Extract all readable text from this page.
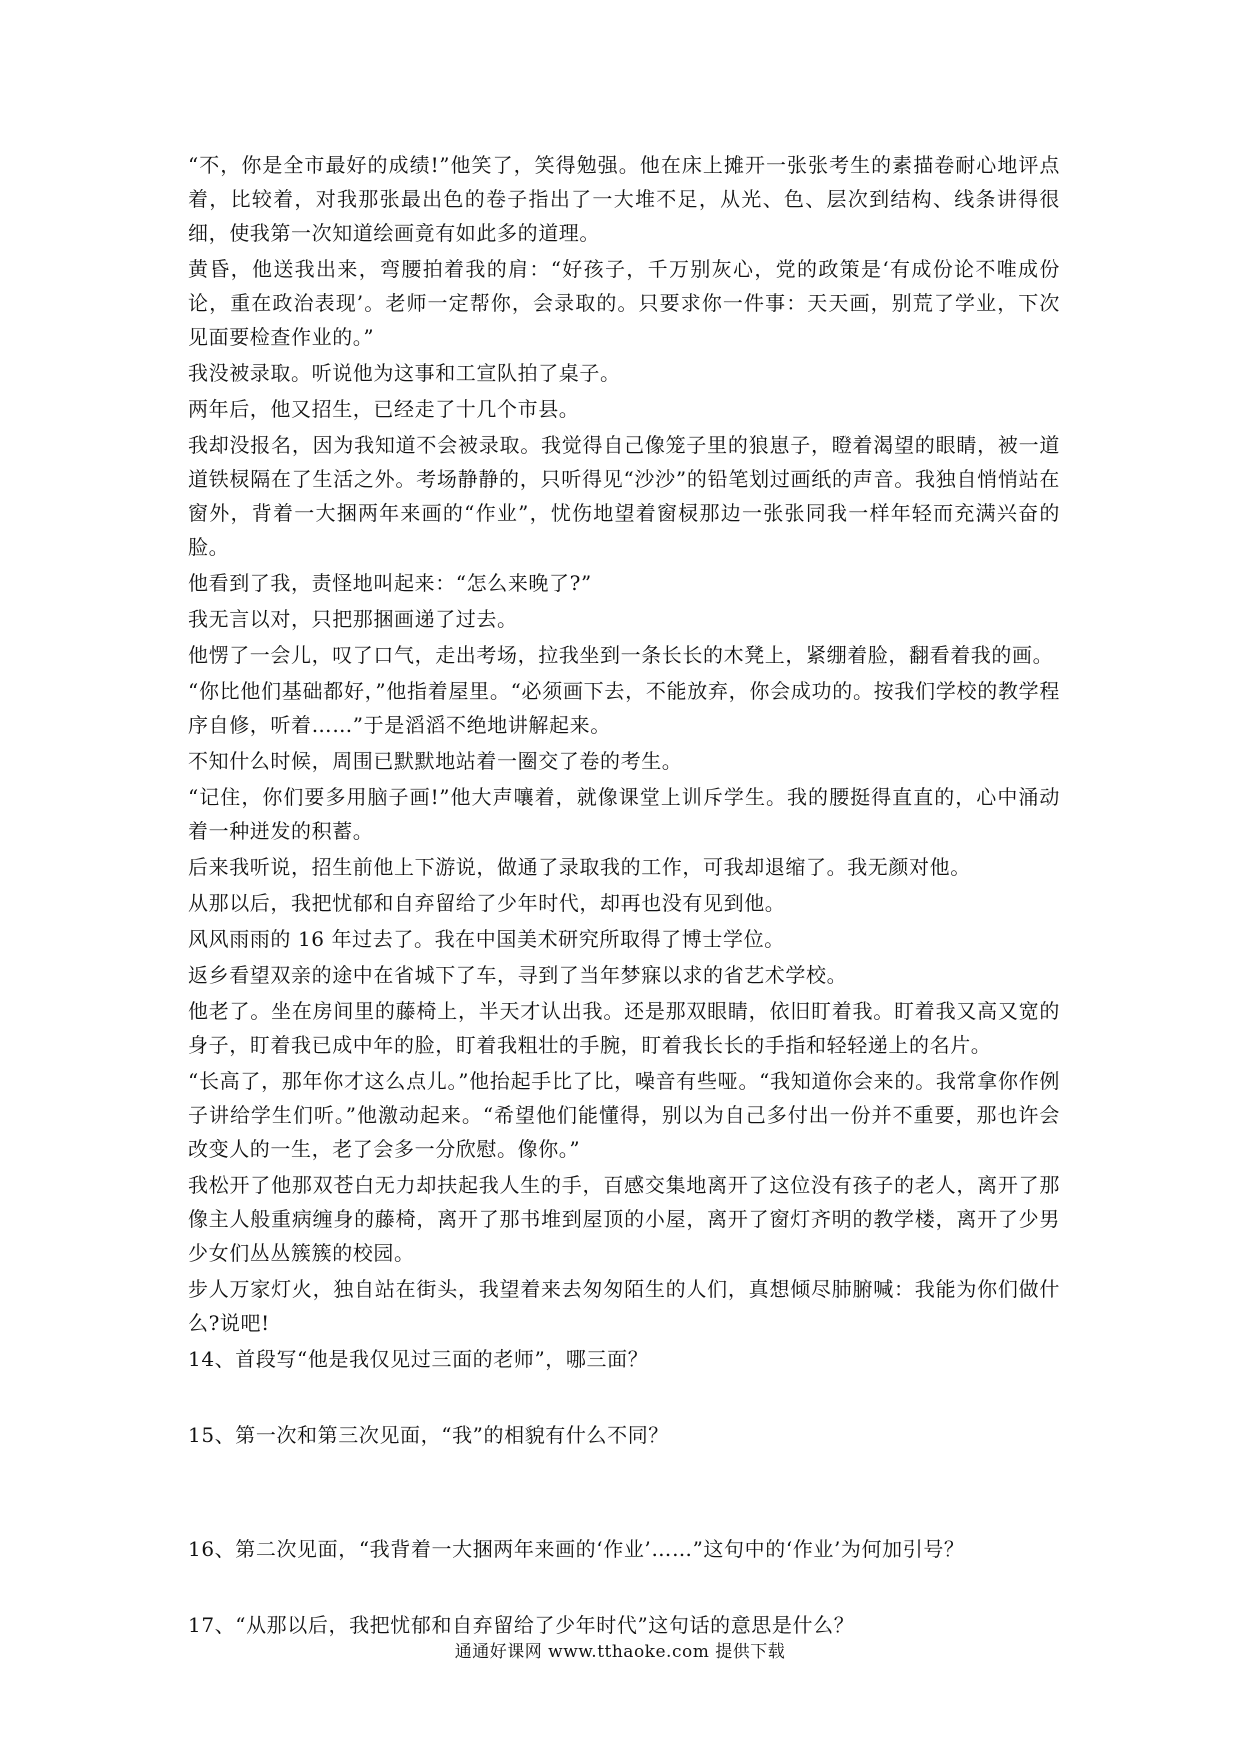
“不，你是全市最好的成绩!”他笑了，笑得勉强。他在床上摊开一张张考生的素描卷耐心地评点着，比较着，对我那张最出色的卷子指出了一大堆不足，从光、色、层次到结构、线条讲得很细，使我第一次知道绘画竟有如此多的道理。

黄昏，他送我出来，弯腰拍着我的肩：“好孩子，千万别灰心，党的政策是‘有成份论不唯成份论，重在政治表现’。老师一定帮你，会录取的。只要求你一件事：天天画，别荒了学业，下次见面要检查作业的。”

我没被录取。听说他为这事和工宣队拍了桌子。

两年后，他又招生，已经走了十几个市县。

我却没报名，因为我知道不会被录取。我觉得自己像笼子里的狼崽子，瞪着渴望的眼睛，被一道道铁棂隔在了生活之外。考场静静的，只听得见“沙沙”的铅笔划过画纸的声音。我独自悄悄站在窗外，背着一大捆两年来画的“作业”，忧伤地望着窗棂那边一张张同我一样年轻而充满兴奋的脸。

他看到了我，责怪地叫起来：“怎么来晚了?”

我无言以对，只把那捆画递了过去。

他愣了一会儿，叹了口气，走出考场，拉我坐到一条长长的木凳上，紧绷着脸，翻看着我的画。

“你比他们基础都好，”他指着屋里。“必须画下去，不能放弃，你会成功的。按我们学校的教学程序自修，听着……”于是滔滔不绝地讲解起来。

不知什么时候，周围已默默地站着一圈交了卷的考生。

“记住，你们要多用脑子画!”他大声嚷着，就像课堂上训斥学生。我的腰挺得直直的，心中涌动着一种迸发的积蓄。

后来我听说，招生前他上下游说，做通了录取我的工作，可我却退缩了。我无颜对他。

从那以后，我把忧郁和自弃留给了少年时代，却再也没有见到他。

风风雨雨的 16 年过去了。我在中国美术研究所取得了博士学位。

返乡看望双亲的途中在省城下了车，寻到了当年梦寐以求的省艺术学校。

他老了。坐在房间里的藤椅上，半天才认出我。还是那双眼睛，依旧盯着我。盯着我又高又宽的身子，盯着我已成中年的脸，盯着我粗壮的手腕，盯着我长长的手指和轻轻递上的名片。

“长高了，那年你才这么点儿。”他抬起手比了比，噪音有些哑。“我知道你会来的。我常拿你作例子讲给学生们听。”他激动起来。“希望他们能懂得，别以为自己多付出一份并不重要，那也许会改变人的一生，老了会多一分欣慰。像你。”

我松开了他那双苍白无力却扶起我人生的手，百感交集地离开了这位没有孩子的老人，离开了那像主人般重病缠身的藤椅，离开了那书堆到屋顶的小屋，离开了窗灯齐明的教学楼，离开了少男少女们丛丛簇簇的校园。

步人万家灯火，独自站在街头，我望着来去匆匆陌生的人们，真想倾尽肺腑喊：我能为你们做什么?说吧!

14、首段写“他是我仅见过三面的老师”，哪三面？

15、第一次和第三次见面，“我”的相貌有什么不同？

16、第二次见面，“我背着一大捆两年来画的‘作业’……”这句中的‘作业’为何加引号？

17、“从那以后，我把忧郁和自弃留给了少年时代”这句话的意思是什么？

通通好课网 www.tthaoke.com 提供下载
